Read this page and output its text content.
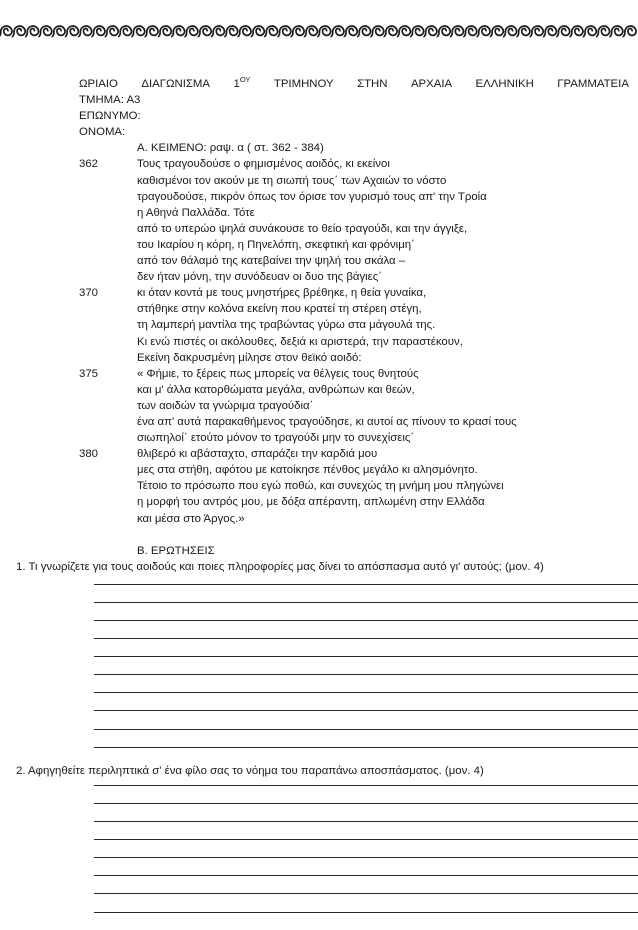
ΩΡΙΑΙΟ ΔΙΑΓΩΝΙΣΜΑ $1^{O\Upsilon}$ ΤΡΙΜΗΝΟΥ ΣΤΗΝ ΑΡΧΑΙΑ ΕΛΛΗΝΙΚΗ ΓΡΑΜΜΑΤΕΙΑ
ΤΜΗΜΑ: Α3
ΕΠΩΝΥΜΟ:
ΟΝΟΜΑ:
Α. ΚΕΙΜΕΝΟ: ραψ. α ( στ. 362 - 384)
362	Τους τραγουδούσε ο φημισμένος αοιδός, κι εκείνοι
καθισμένοι τον ακούν με τη σιωπή τους΄ των Αχαιών το νόστο
τραγουδούσε, πικρόν όπως τον όρισε τον γυρισμό τους απ' την Τροία
η Αθηνά Παλλάδα. Τότε
από το υπερώο ψηλά συνάκουσε το θείο τραγούδι, και την άγγιξε,
του Ικαρίου η κόρη, η Πηνελόπη, σκεφτική και φρόνιμη΄
από τον θάλαμό της κατεβαίνει την ψηλή του σκάλα –
δεν ήταν μόνη, την συνόδευαν οι δυο της βάγιες΄
370	κι όταν κοντά με τους μνηστήρες βρέθηκε, η θεία γυναίκα,
στήθηκε στην κολόνα εκείνη που κρατεί τη στέρεη στέγη,
τη λαμπερή μαντίλα της τραβώντας γύρω στα μάγουλά της.
Κι ενώ πιστές οι ακόλουθες, δεξιά κι αριστερά, την παραστέκουν,
Εκείνη δακρυσμένη μίλησε στον θεϊκό αοιδό:
375	« Φήμιε, το ξέρεις πως μπορείς να θέλγεις τους θνητούς
και μ' άλλα κατορθώματα μεγάλα, ανθρώπων και θεών,
των αοιδών τα γνώριμα τραγούδια΄
ένα απ' αυτά παρακαθήμενος τραγούδησε, κι αυτοί ας πίνουν το κρασί τους
σιωπηλοί΄ ετούτο μόνον το τραγούδι μην το συνεχίσεις΄
380	θλιβερό κι αβάσταχτο, σπαράζει την καρδιά μου
μες στα στήθη, αφότου με κατοίκησε πένθος μεγάλο κι αλησμόνητο.
Τέτοιο το πρόσωπο που εγώ ποθώ, και συνεχώς τη μνήμη μου πληγώνει
η μορφή του αντρός μου, με δόξα απέραντη, απλωμένη στην Ελλάδα
και μέσα στο Άργος.»
Β. ΕΡΩΤΗΣΕΙΣ
1. Τι γνωρίζετε για τους αοιδούς και ποιες πληροφορίες μας δίνει το απόσπασμα αυτό γι' αυτούς; (μον. 4)
2. Αφηγηθείτε περιληπτικά σ' ένα φίλο σας το νόημα του παραπάνω αποσπάσματος. (μον. 4)
